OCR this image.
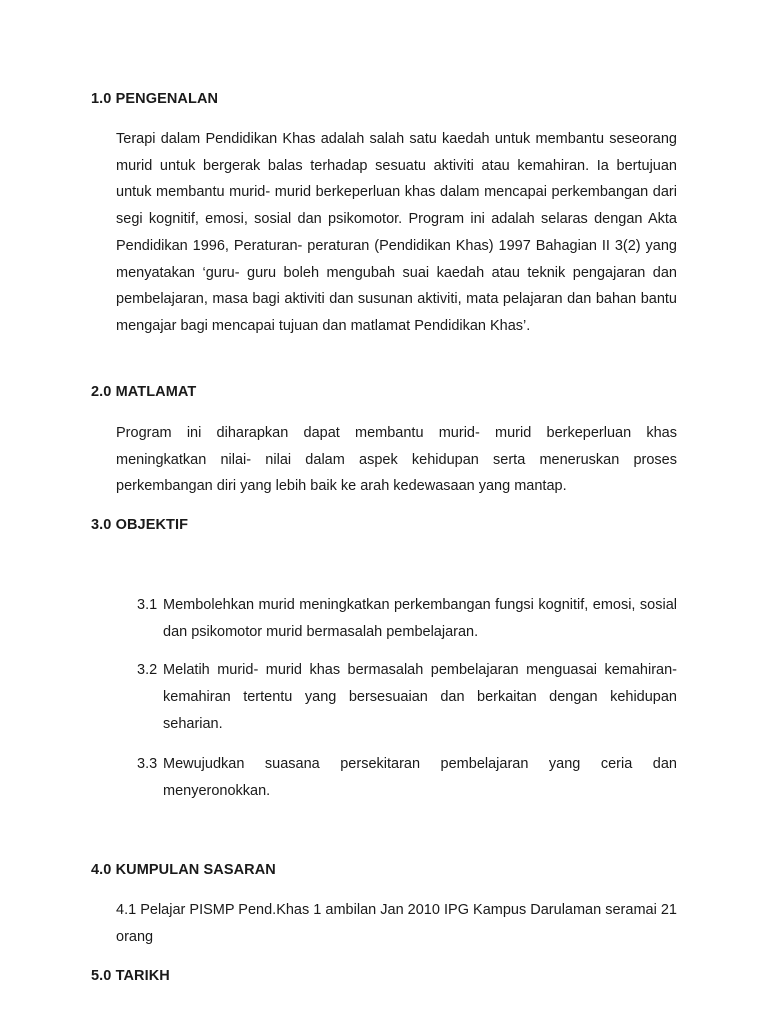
1.0 PENGENALAN

Terapi dalam Pendidikan Khas adalah salah satu kaedah untuk membantu seseorang murid untuk bergerak balas terhadap sesuatu aktiviti atau kemahiran. Ia bertujuan untuk membantu murid- murid berkeperluan khas dalam mencapai perkembangan dari segi kognitif, emosi, sosial dan psikomotor. Program ini adalah selaras dengan Akta Pendidikan 1996, Peraturan- peraturan (Pendidikan Khas) 1997 Bahagian II 3(2) yang menyatakan ‘guru- guru boleh mengubah suai kaedah atau teknik pengajaran dan pembelajaran, masa bagi aktiviti dan susunan aktiviti, mata pelajaran dan bahan bantu mengajar bagi mencapai tujuan dan matlamat Pendidikan Khas’.

2.0 MATLAMAT

Program ini diharapkan dapat membantu murid- murid berkeperluan khas meningkatkan nilai- nilai dalam aspek kehidupan serta meneruskan proses perkembangan diri yang lebih baik ke arah kedewasaan yang mantap.

3.0 OBJEKTIF
3.1 Membolehkan murid meningkatkan perkembangan fungsi kognitif, emosi, sosial dan psikomotor murid bermasalah pembelajaran.
3.2 Melatih murid- murid khas bermasalah pembelajaran menguasai kemahiran- kemahiran tertentu yang bersesuaian dan berkaitan dengan kehidupan seharian.
3.3 Mewujudkan suasana persekitaran pembelajaran yang ceria dan menyeronokkan.
4.0 KUMPULAN SASARAN

4.1 Pelajar PISMP Pend.Khas 1 ambilan Jan 2010 IPG Kampus Darulaman seramai 21 orang

5.0 TARIKH
